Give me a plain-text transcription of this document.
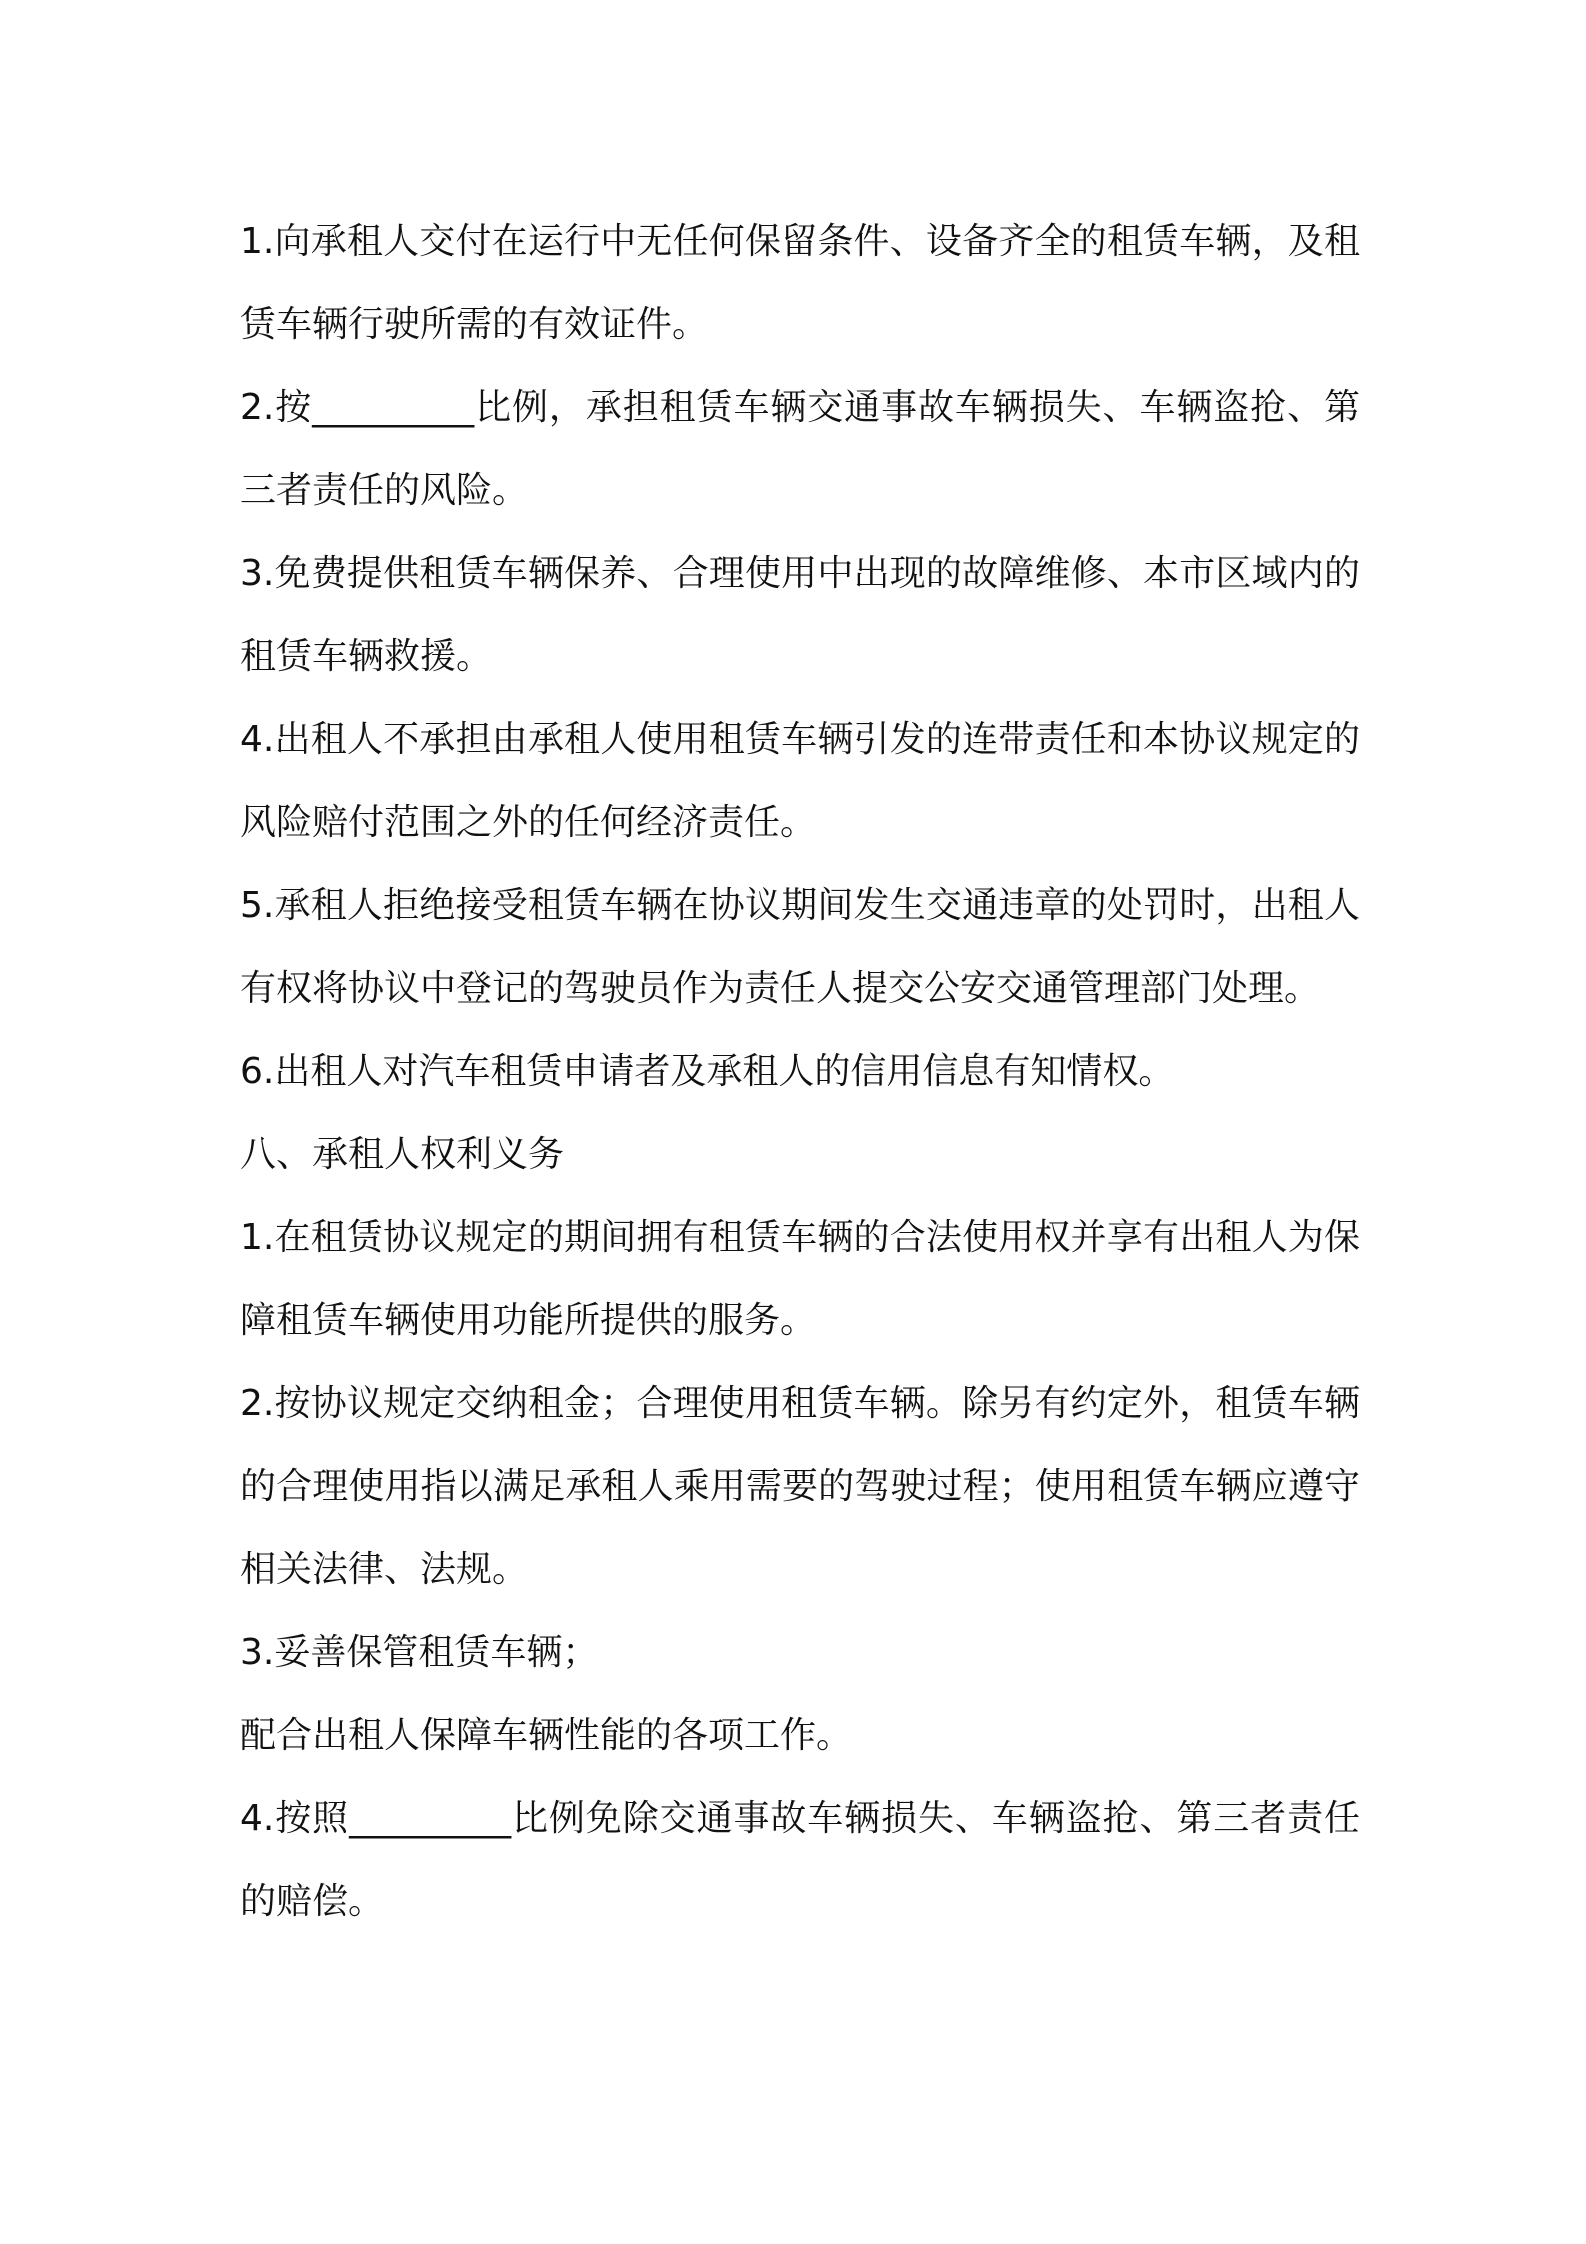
1.向承租人交付在运行中无任何保留条件、设备齐全的租赁车辆，及租赁车辆行驶所需的有效证件。

2.按_________比例，承担租赁车辆交通事故车辆损失、车辆盗抢、第三者责任的风险。

3.免费提供租赁车辆保养、合理使用中出现的故障维修、本市区域内的租赁车辆救援。

4.出租人不承担由承租人使用租赁车辆引发的连带责任和本协议规定的风险赔付范围之外的任何经济责任。

5.承租人拒绝接受租赁车辆在协议期间发生交通违章的处罚时，出租人有权将协议中登记的驾驶员作为责任人提交公安交通管理部门处理。

6.出租人对汽车租赁申请者及承租人的信用信息有知情权。

八、承租人权利义务

1.在租赁协议规定的期间拥有租赁车辆的合法使用权并享有出租人为保障租赁车辆使用功能所提供的服务。

2.按协议规定交纳租金；合理使用租赁车辆。除另有约定外，租赁车辆的合理使用指以满足承租人乘用需要的驾驶过程；使用租赁车辆应遵守相关法律、法规。

3.妥善保管租赁车辆；

配合出租人保障车辆性能的各项工作。

4.按照_________比例免除交通事故车辆损失、车辆盗抢、第三者责任的赔偿。
